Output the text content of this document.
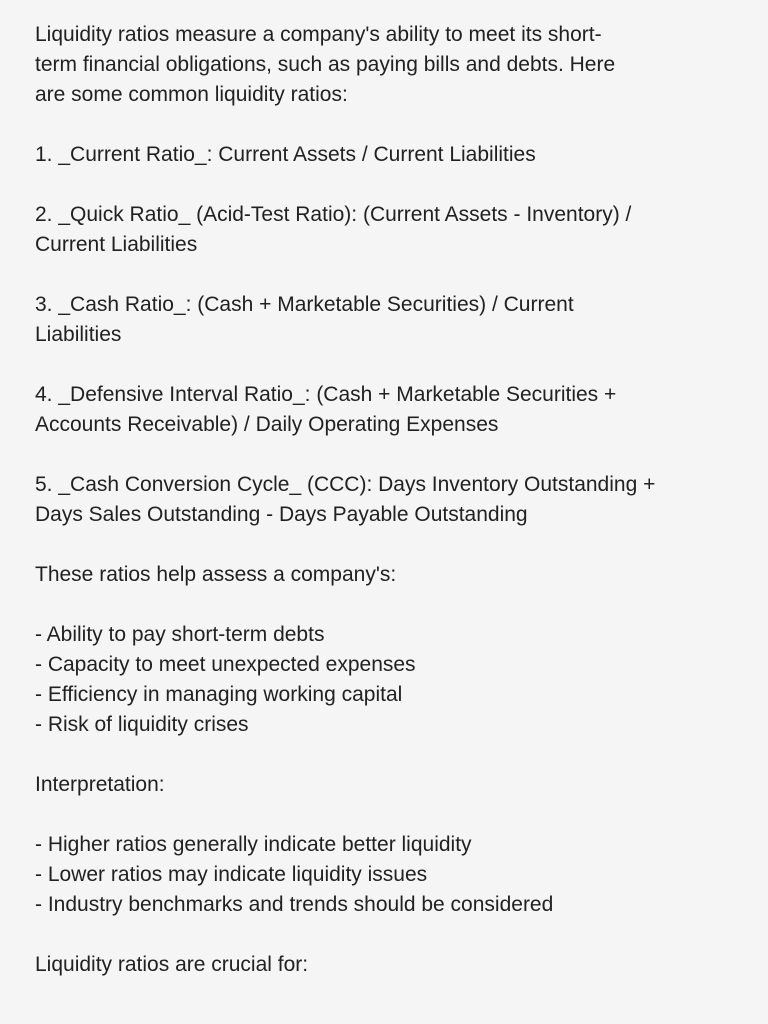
Liquidity ratios measure a company's ability to meet its short-
term financial obligations, such as paying bills and debts. Here
are some common liquidity ratios:
1. _Current Ratio_: Current Assets / Current Liabilities
2. _Quick Ratio_ (Acid-Test Ratio): (Current Assets - Inventory) /
Current Liabilities
3. _Cash Ratio_: (Cash + Marketable Securities) / Current
Liabilities
4. _Defensive Interval Ratio_: (Cash + Marketable Securities +
Accounts Receivable) / Daily Operating Expenses
5. _Cash Conversion Cycle_ (CCC): Days Inventory Outstanding +
Days Sales Outstanding - Days Payable Outstanding
These ratios help assess a company's:
- Ability to pay short-term debts
- Capacity to meet unexpected expenses
- Efficiency in managing working capital
- Risk of liquidity crises
Interpretation:
- Higher ratios generally indicate better liquidity
- Lower ratios may indicate liquidity issues
- Industry benchmarks and trends should be considered
Liquidity ratios are crucial for:
